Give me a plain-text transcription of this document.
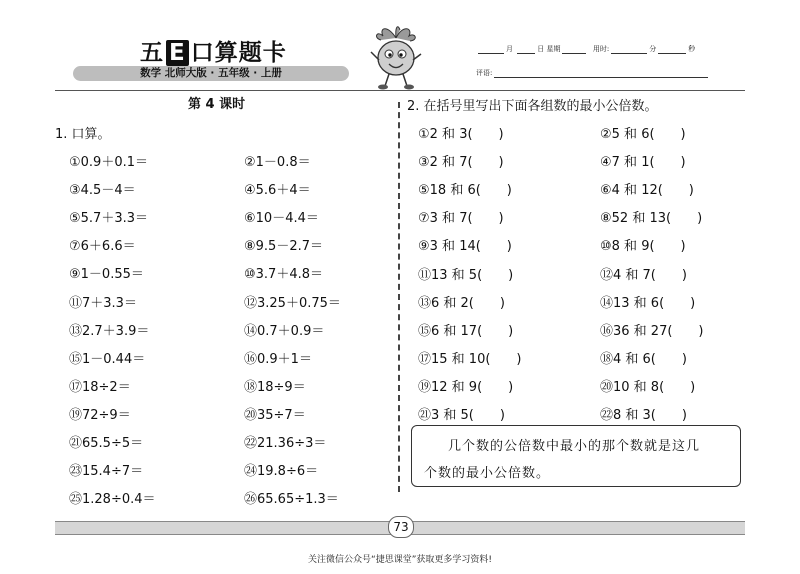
五 E 口算题卡
数学 北师大版 · 五年级 · 上册
月	日 星期	用时:	分	秒
评语:
第 4 课时
1. 口算。
①0.9＋0.1＝	②1－0.8＝
③4.5－4＝	④5.6＋4＝
⑤5.7＋3.3＝	⑥10－4.4＝
⑦6＋6.6＝	⑧9.5－2.7＝
⑨1－0.55＝	⑩3.7＋4.8＝
⑪7＋3.3＝	⑫3.25＋0.75＝
⑬2.7＋3.9＝	⑭0.7＋0.9＝
⑮1－0.44＝	⑯0.9＋1＝
⑰18÷2＝	⑱18÷9＝
⑲72÷9＝	⑳35÷7＝
㉑65.5÷5＝	㉒21.36÷3＝
㉓15.4÷7＝	㉔19.8÷6＝
㉕1.28÷0.4＝	㉖65.65÷1.3＝
2. 在括号里写出下面各组数的最小公倍数。
①2 和 3(　　)	②5 和 6(　　)
③2 和 7(　　)	④7 和 1(　　)
⑤18 和 6(　　)	⑥4 和 12(　　)
⑦3 和 7(　　)	⑧52 和 13(　　)
⑨3 和 14(　　)	⑩8 和 9(　　)
⑪13 和 5(　　)	⑫4 和 7(　　)
⑬6 和 2(　　)	⑭13 和 6(　　)
⑮6 和 17(　　)	⑯36 和 27(　　)
⑰15 和 10(　　)	⑱4 和 6(　　)
⑲12 和 9(　　)	⑳10 和 8(　　)
㉑3 和 5(　　)	㉒8 和 3(　　)
几个数的公倍数中最小的那个数就是这几
个数的最小公倍数。
73
关注微信公众号“捷思课堂”获取更多学习资料!
